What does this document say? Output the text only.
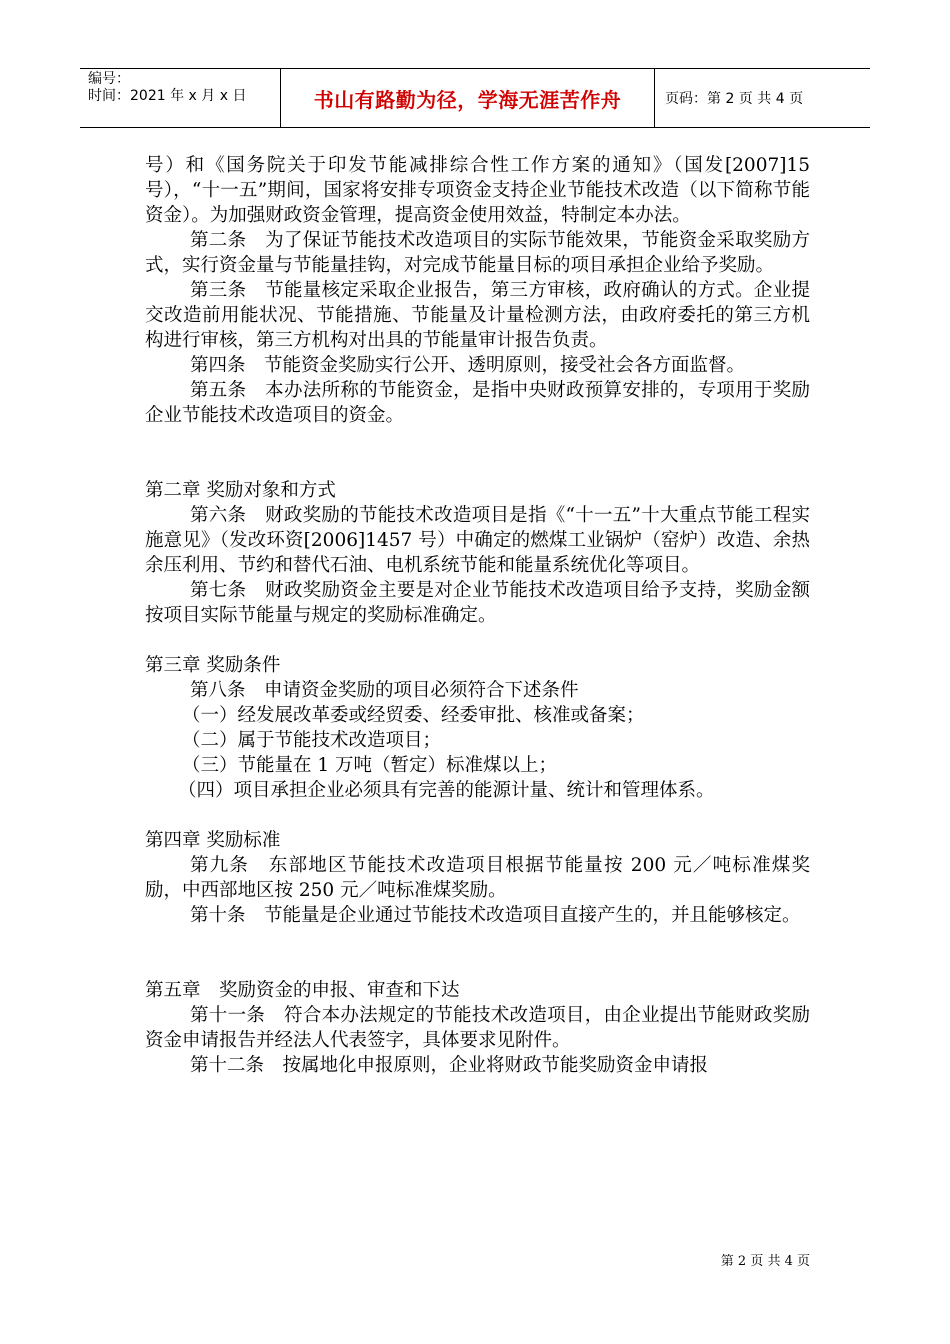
编号：
时间：2021 年 x 月 x 日	书山有路勤为径，学海无涯苦作舟	页码：第 2 页 共 4 页

号）和《国务院关于印发节能减排综合性工作方案的通知》（国发[2007]15 号），“十一五”期间，国家将安排专项资金支持企业节能技术改造（以下简称节能资金）。为加强财政资金管理，提高资金使用效益，特制定本办法。

第二条　为了保证节能技术改造项目的实际节能效果，节能资金采取奖励方式，实行资金量与节能量挂钩，对完成节能量目标的项目承担企业给予奖励。

第三条　节能量核定采取企业报告，第三方审核，政府确认的方式。企业提交改造前用能状况、节能措施、节能量及计量检测方法，由政府委托的第三方机构进行审核，第三方机构对出具的节能量审计报告负责。

第四条　节能资金奖励实行公开、透明原则，接受社会各方面监督。

第五条　本办法所称的节能资金，是指中央财政预算安排的，专项用于奖励企业节能技术改造项目的资金。

第二章 奖励对象和方式

第六条　财政奖励的节能技术改造项目是指《“十一五”十大重点节能工程实施意见》（发改环资[2006]1457 号）中确定的燃煤工业锅炉（窑炉）改造、余热余压利用、节约和替代石油、电机系统节能和能量系统优化等项目。

第七条　财政奖励资金主要是对企业节能技术改造项目给予支持，奖励金额按项目实际节能量与规定的奖励标准确定。

第三章 奖励条件

第八条　申请资金奖励的项目必须符合下述条件

（一）经发展改革委或经贸委、经委审批、核准或备案；

（二）属于节能技术改造项目；

（三）节能量在 1 万吨（暂定）标准煤以上；

（四）项目承担企业必须具有完善的能源计量、统计和管理体系。

第四章 奖励标准

第九条　东部地区节能技术改造项目根据节能量按 200 元／吨标准煤奖励，中西部地区按 250 元／吨标准煤奖励。

第十条　节能量是企业通过节能技术改造项目直接产生的，并且能够核定。

第五章　奖励资金的申报、审查和下达

第十一条　符合本办法规定的节能技术改造项目，由企业提出节能财政奖励资金申请报告并经法人代表签字，具体要求见附件。

第十二条　按属地化申报原则，企业将财政节能奖励资金申请报

第 2 页 共 4 页
